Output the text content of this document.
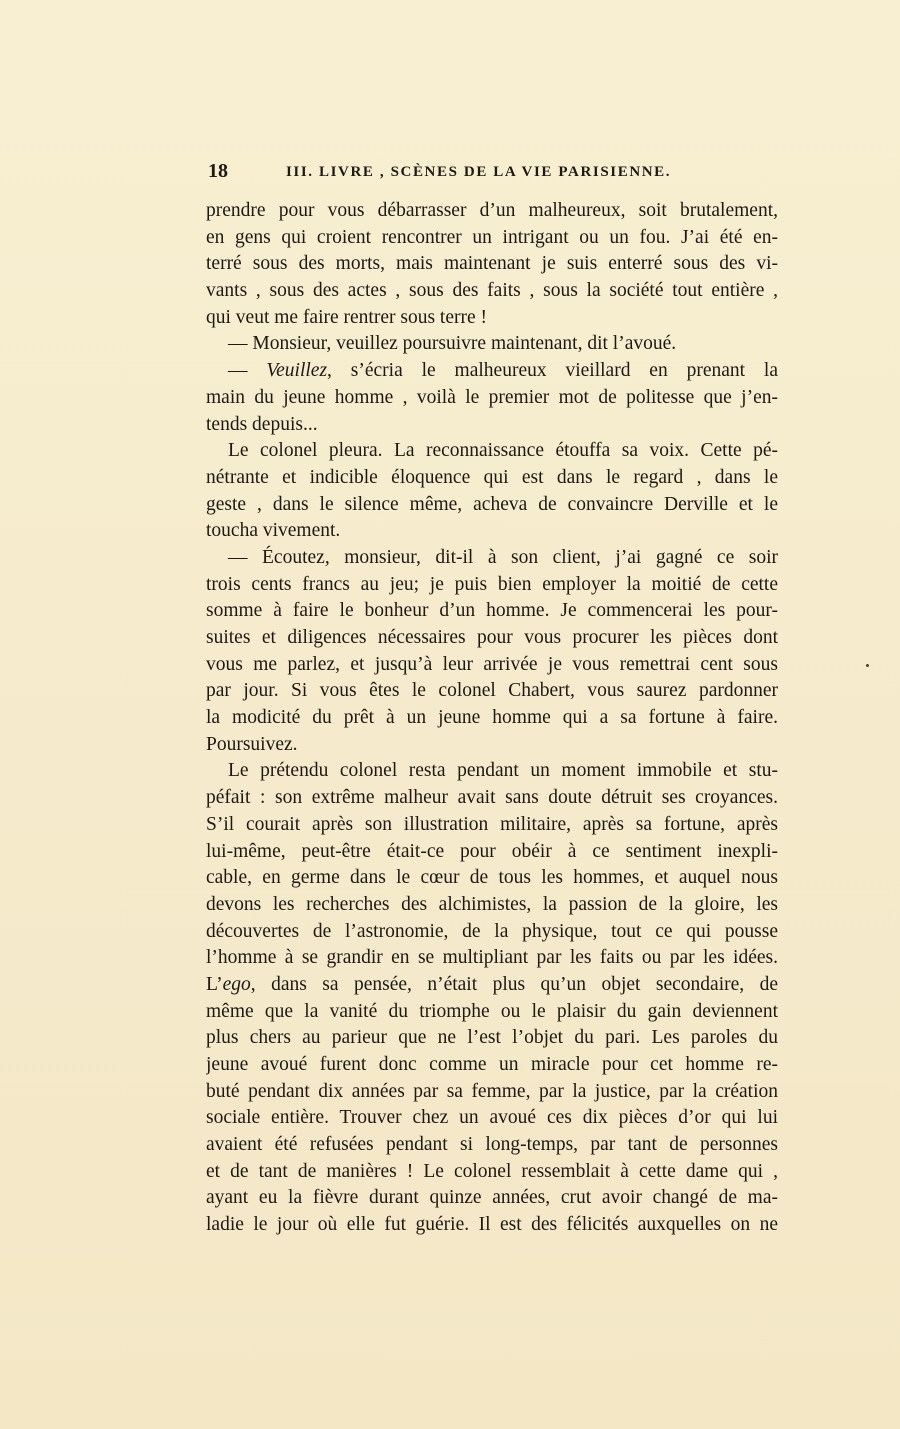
18	III. LIVRE , SCÈNES DE LA VIE PARISIENNE.
prendre pour vous débarrasser d’un malheureux, soit brutalement,
en gens qui croient rencontrer un intrigant ou un fou. J’ai été en-
terré sous des morts, mais maintenant je suis enterré sous des vi-
vants , sous des actes , sous des faits , sous la société tout entière ,
qui veut me faire rentrer sous terre !
— Monsieur, veuillez poursuivre maintenant, dit l’avoué.
— Veuillez, s’écria le malheureux vieillard en prenant la
main du jeune homme , voilà le premier mot de politesse que j’en-
tends depuis...
Le colonel pleura. La reconnaissance étouffa sa voix. Cette pé-
nétrante et indicible éloquence qui est dans le regard , dans le
geste , dans le silence même, acheva de convaincre Derville et le
toucha vivement.
— Écoutez, monsieur, dit-il à son client, j’ai gagné ce soir
trois cents francs au jeu; je puis bien employer la moitié de cette
somme à faire le bonheur d’un homme. Je commencerai les pour-
suites et diligences nécessaires pour vous procurer les pièces dont
vous me parlez, et jusqu’à leur arrivée je vous remettrai cent sous
par jour. Si vous êtes le colonel Chabert, vous saurez pardonner
la modicité du prêt à un jeune homme qui a sa fortune à faire.
Poursuivez.
Le prétendu colonel resta pendant un moment immobile et stu-
péfait : son extrême malheur avait sans doute détruit ses croyances.
S’il courait après son illustration militaire, après sa fortune, après
lui-même, peut-être était-ce pour obéir à ce sentiment inexpli-
cable, en germe dans le cœur de tous les hommes, et auquel nous
devons les recherches des alchimistes, la passion de la gloire, les
découvertes de l’astronomie, de la physique, tout ce qui pousse
l’homme à se grandir en se multipliant par les faits ou par les idées.
L’ego, dans sa pensée, n’était plus qu’un objet secondaire, de
même que la vanité du triomphe ou le plaisir du gain deviennent
plus chers au parieur que ne l’est l’objet du pari. Les paroles du
jeune avoué furent donc comme un miracle pour cet homme re-
buté pendant dix années par sa femme, par la justice, par la création
sociale entière. Trouver chez un avoué ces dix pièces d’or qui lui
avaient été refusées pendant si long-temps, par tant de personnes
et de tant de manières ! Le colonel ressemblait à cette dame qui ,
ayant eu la fièvre durant quinze années, crut avoir changé de ma-
ladie le jour où elle fut guérie. Il est des félicités auxquelles on ne
